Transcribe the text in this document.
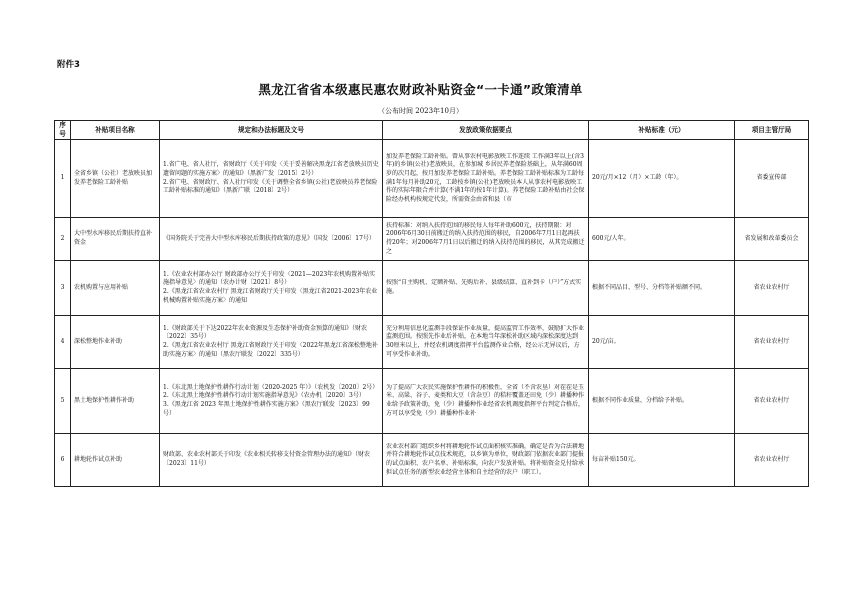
附件3
黑龙江省省本级惠民惠农财政补贴资金“一卡通”政策清单
（公布时间 2023年10月）
序号	补贴项目名称	规定和办法标题及文号	发放政策依据要点	补贴标准（元）	项目主管厅局
1	全省乡镇（公社）老放映员加发养老保险工龄补贴	1.省广电、省人社厅，省财政厅《关于印发〈关于妥善解决黑龙江省老放映员历史遗留问题的实施方案〉的通知》（黑新广发〔2015〕2号）
2.省广电、省财政厅、省人社厅印发《关于调整全省乡镇(公社)老放映员养老保险工龄补贴标准的通知》（黑新广联〔2018〕2号）	加发养老保险工龄补贴。曾从事农村电影放映工作连续 工作满3年以上(含3年)的乡镇(公社)老放映员，在参加城 乡居民养老保险基础上，从年满60周岁的次月起，按月加发养老保险工龄补贴。养老保险工龄补贴标准为工龄每满1年每月补助20元，工龄按乡镇(公社)老放映员本人从事农村电影放映工作的实际年限合并计算(不满1年的按1年计算)。养老保险工龄补贴由社会保险经办机构按规定代发，所需资金由省和县（市	20元/月×12（月）×工龄（年）。	省委宣传部
2	大中型水库移民后期扶持直补资金	《国务院关于完善大中型水库移民后期扶持政策的意见》（国发〔2006〕17号）	扶持标准：对纳入扶持范围的移民每人每年补助600元，扶持期限：对2006年6月30日前搬迁的纳入扶持范围的移民，自2006年7月1日起再扶持20年；对2006年7月1日以后搬迁的纳入扶持范围的移民，从其完成搬迁之	600元/人年。	省发展和改革委员会
3	农机购置与应用补贴	1.《农业农村部办公厅 财政部办公厅关于印发〈2021—2023年农机购置补贴实施指导意见〉的通知（农办计财〔2021〕8号）
2.《黑龙江省农业农村厅 黑龙江省财政厅关于印发〈黑龙江省2021-2023年农业机械购置补贴实施方案〉的通知	按照“自主购机、定额补贴、先购后补、县级结算、直补到卡（户）”方式实施。	根据不同品目、型号、分档等补贴额不同。	省农业农村厅
4	深松整地作业补助	1.《财政部关于下达2022年农业资源及生态保护补助资金预算的通知》（财农〔2022〕35号）
2.《黑龙江省农业农村厅 黑龙江省财政厅关于印发〈2022年黑龙江省深松整地补助实施方案〉的通知（黑农厅联发〔2022〕335号）	充分利用信息化监测手段保证作业质量，提高监管工作效率，鼓励扩大作业监测范围。按照先作业后补贴，在本地当年深松补助区域内深松深度达到30厘米以上，并经农机调度指挥平台监测作业合格，经公示无异议后，方可享受作业补助。	20元/亩。	省农业农村厅
5	黑土地保护性耕作补助	1.《东北黑土地保护性耕作行动计划（2020-2025 年）》（农机发〔2020〕2号）
2.《东北黑土地保护性耕作行动计划实施指导意见》（农办机〔2020〕3号）
3.《黑龙江省 2023 年黑土地保护性耕作实施方案》（黑农厅联发〔2023〕99 号）	为了提高广大农民实施保护性耕作的积极性，全省（不含农垦）对茬茬是玉米、高粱、谷子、麦类和大豆（含杂豆）的秸秆覆盖还田免（少）耕播种作业给予政策补助，免（少）耕播种作业经省农机调度指挥平台判定合格后，方可以享受免（少）耕播种作业补	根据不同作业质量，分档给予补贴。	省农业农村厅
6	耕地轮作试点补助	财政部、农业农村部关于印发《农业相关转移支付资金管理办法的通知》（财农〔2023〕11号）	农业农村部门组织乡村将耕地轮作试点面积核实准确，确定是否为合法耕地并符合耕地轮作试点技术规范，以乡镇为单位，财政部门依据农业部门提报的试点面积、农户名单、补贴标准，向农户发放补贴。将补贴资金兑付给承担试点任务的新型农业经营主体和自主经营的农户（职工）。	每亩补贴150元。	省农业农村厅
